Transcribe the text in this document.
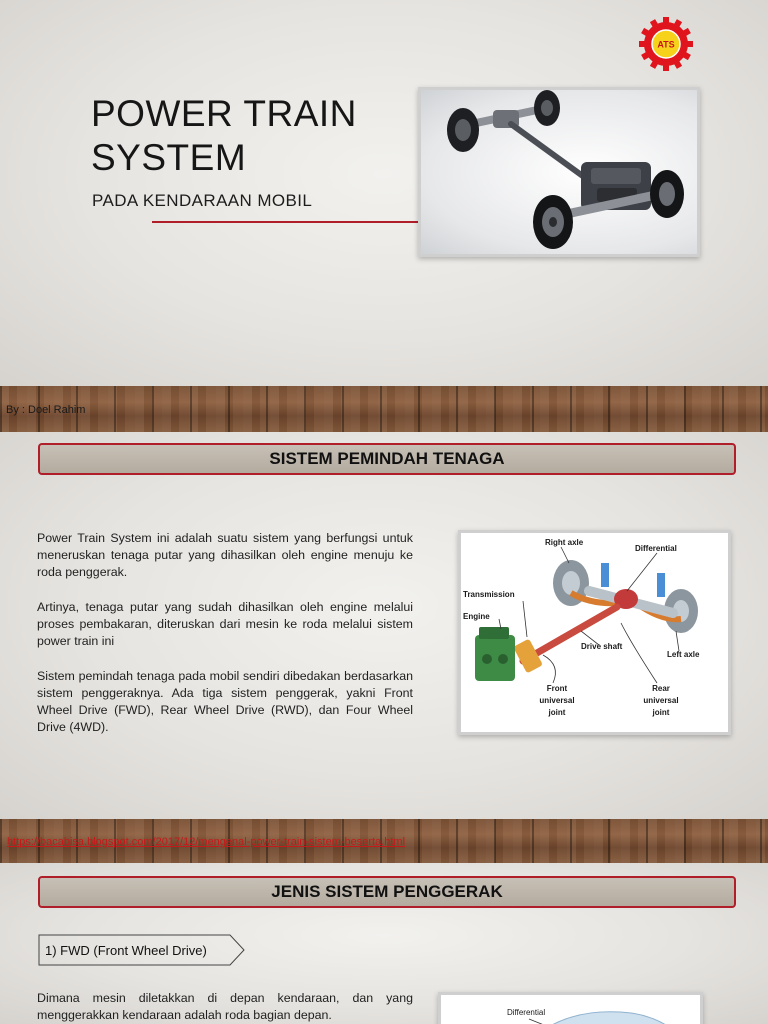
ATS
POWER TRAIN
SYSTEM
PADA KENDARAAN MOBIL
By : Doel Rahim
SISTEM PEMINDAH TENAGA

Power Train System ini adalah suatu sistem yang berfungsi untuk meneruskan tenaga putar yang dihasilkan oleh engine menuju ke roda penggerak.

Artinya, tenaga putar yang sudah dihasilkan oleh engine melalui proses pembakaran, diteruskan dari mesin ke roda melalui sistem power train ini

Sistem pemindah tenaga pada mobil sendiri dibedakan berdasarkan sistem penggeraknya. Ada tiga sistem penggerak, yakni Front Wheel Drive (FWD), Rear Wheel Drive (RWD), dan Four Wheel Drive (4WD).

Right axle
Differential
Transmission
Engine
Drive shaft
Left axle
Front
universal
joint
Rear
universal
joint
https://bacabisa.blogspot.com/2017/12/mengenal-power-train-sistem-beserta.html
JENIS SISTEM PENGGERAK
1) FWD (Front Wheel Drive)

Dimana mesin diletakkan di depan kendaraan, dan yang menggerakkan kendaraan adalah roda bagian depan.	Differential
